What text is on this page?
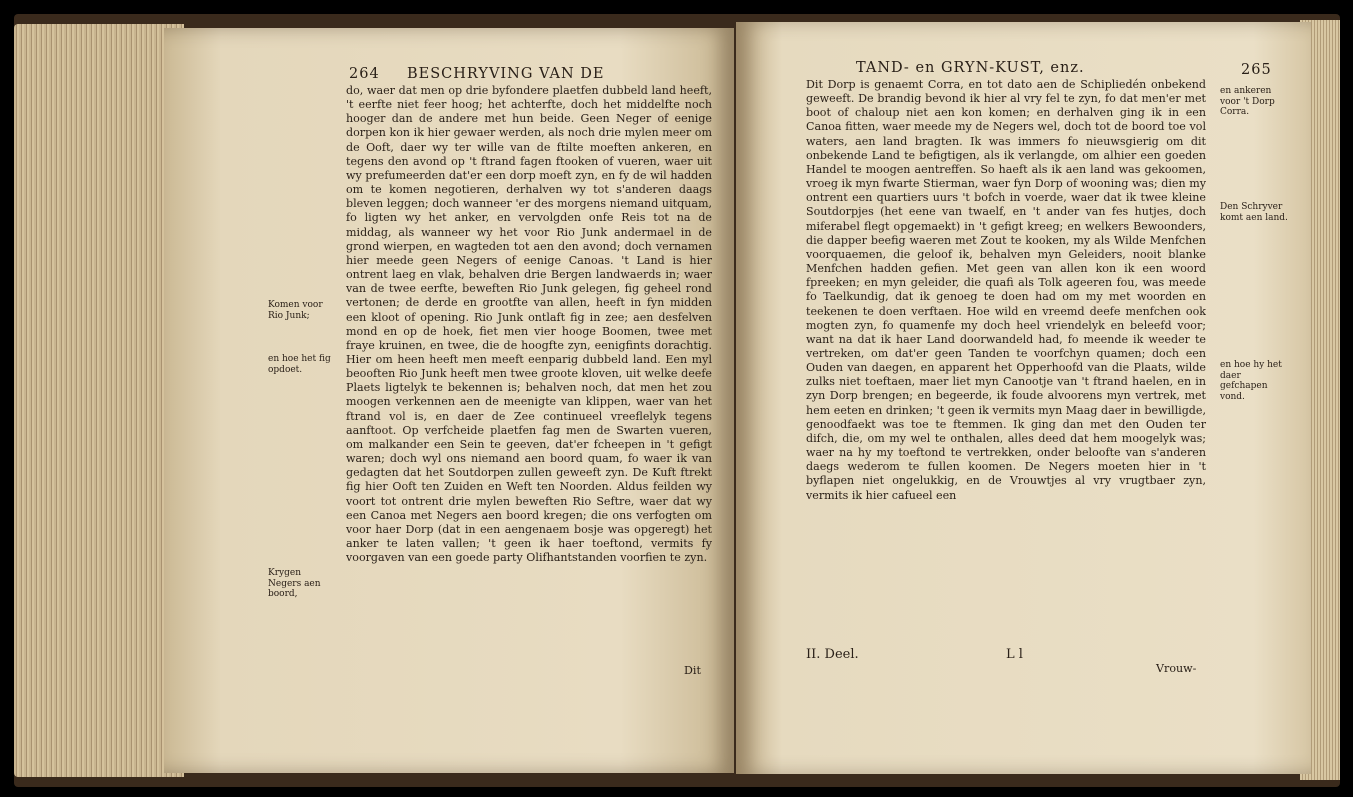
264 BESCHRYVING VAN DE

do, waer dat men op drie byfondere plaetfen dubbeld land heeft, 't eerfte niet feer hoog; het achterfte, doch het middelfte noch hooger dan de andere met hun beide. Geen Neger of eenige dorpen kon ik hier gewaer werden, als noch drie mylen meer om de Ooft, daer wy ter wille van de ftilte moeften ankeren, en tegens den avond op 't ftrand fagen ftooken of vueren, waer uit wy prefumeerden dat'er een dorp moeft zyn, en fy de wil hadden om te komen negotieren, derhalven wy tot s'anderen daags bleven leggen; doch wanneer 'er des morgens niemand uitquam, fo ligten wy het anker, en vervolgden onfe Reis tot na de middag, als wanneer wy het voor Rio Junk andermael in de grond wierpen, en wagteden tot aen den avond; doch vernamen hier meede geen Negers of eenige Canoas. 't Land is hier ontrent laeg en vlak, behalven drie Bergen landwaerds in; waer van de twee eerfte, beweften Rio Junk gelegen, fig geheel rond vertonen; de derde en grootfte van allen, heeft in fyn midden een kloot of opening. Rio Junk ontlaft fig in zee; aen desfelven mond en op de hoek, fiet men vier hooge Boomen, twee met fraye kruinen, en twee, die de hoogfte zyn, eenigfints dorachtig. Hier om heen heeft men meeft eenparig dubbeld land. Een myl beooften Rio Junk heeft men twee groote kloven, uit welke deefe Plaets ligtelyk te bekennen is; behalven noch, dat men het zou moogen verkennen aen de meenigte van klippen, waer van het ftrand vol is, en daer de Zee continueel vreeflelyk tegens aanftoot. Op verfcheide plaetfen fag men de Swarten vueren, om malkander een Sein te geeven, dat'er fcheepen in 't gefigt waren; doch wyl ons niemand aen boord quam, fo waer ik van gedagten dat het Soutdorpen zullen geweeft zyn. De Kuft ftrekt fig hier Ooft ten Zuiden en Weft ten Noorden. Aldus feilden wy voort tot ontrent drie mylen beweften Rio Seftre, waer dat wy een Canoa met Negers aen boord kregen; die ons verfogten om voor haer Dorp (dat in een aengenaem bosje was opgeregt) het anker te laten vallen; 't geen ik haer toeftond, vermits fy voorgaven van een goede party Olifhantstanden voorfien te zyn.

Dit
Komen voor Rio Junk;
en hoe het fig opdoet.
Krygen Negers aen boord,
TAND- en GRYN-KUST, enz.	265

Dit Dorp is genaemt Corra, en tot dato aen de Schipliedén onbekend geweeft. De brandig bevond ik hier al vry fel te zyn, fo dat men'er met boot of chaloup niet aen kon komen; en derhalven ging ik in een Canoa fitten, waer meede my de Negers wel, doch tot de boord toe vol waters, aen land bragten. Ik was immers fo nieuwsgierig om dit onbekende Land te befigtigen, als ik verlangde, om alhier een goeden Handel te moogen aentreffen. So haeft als ik aen land was gekoomen, vroeg ik myn fwarte Stierman, waer fyn Dorp of wooning was; dien my ontrent een quartiers uurs 't bofch in voerde, waer dat ik twee kleine Soutdorpjes (het eene van twaelf, en 't ander van fes hutjes, doch miferabel flegt opgemaekt) in 't gefigt kreeg; en welkers Bewoonders, die dapper beefig waeren met Zout te kooken, my als Wilde Menfchen voorquaemen, die geloof ik, behalven myn Geleiders, nooit blanke Menfchen hadden gefien. Met geen van allen kon ik een woord fpreeken; en myn geleider, die quafi als Tolk ageeren fou, was meede fo Taelkundig, dat ik genoeg te doen had om my met woorden en teekenen te doen verftaen. Hoe wild en vreemd deefe menfchen ook mogten zyn, fo quamenfe my doch heel vriendelyk en beleefd voor; want na dat ik haer Land doorwandeld had, fo meende ik weeder te vertreken, om dat'er geen Tanden te voorfchyn quamen; doch een Ouden van daegen, en apparent het Opperhoofd van die Plaats, wilde zulks niet toeftaen, maer liet myn Canootje van 't ftrand haelen, en in zyn Dorp brengen; en begeerde, ik foude alvoorens myn vertrek, met hem eeten en drinken; 't geen ik vermits myn Maag daer in bewilligde, genoodfaekt was toe te ftemmen. Ik ging dan met den Ouden ter difch, die, om my wel te onthalen, alles deed dat hem moogelyk was; waer na hy my toeftond te vertrekken, onder beloofte van s'anderen daegs wederom te fullen koomen. De Negers moeten hier in 't byflapen niet ongelukkig, en de Vrouwtjes al vry vrugtbaer zyn, vermits ik hier cafueel een

II. Deel.	L l
Vrouw-
en ankeren voor 't Dorp Corra.
Den Schryver komt aen land.
en hoe hy het daer gefchapen vond.
